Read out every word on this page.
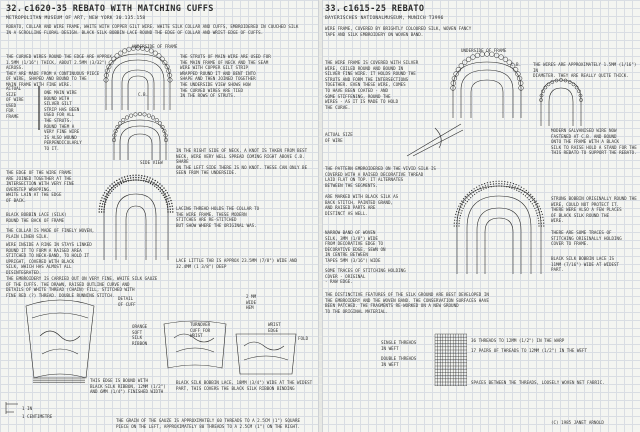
32. c1620-35 REBATO WITH MATCHING CUFFS
METROPOLITAN MUSEUM OF ART, NEW YORK 30.135.158
ROBATO, COLLAR AND WIRE FRAME, WHITE WITH COPPER GILT WIRE. WHITE SILK COLLAR AND CUFFS, EMBROIDERED IN COUCHED SILK
IN A SCROLLING FLORAL DESIGN. BLACK SILK BOBBIN LACE ROUND THE EDGE OF COLLAR AND WRIST EDGE OF CUFFS.
UNDERSIDE OF FRAME
THE CURVED WIRES ROUND THE EDGE ARE APPROX
1.5MM (1/16") THICK, ABOUT 2.5MM (3/32") ACROSS.
THEY ARE MADE FROM A CONTINUOUS PIECE
OF WIRE, SHAPED AND BOUND TO THE
MAIN FRAME WITH FINE WIRE.
ACTUAL
SIZE
OF WIRE
USED
FOR
FRAME
ONE MAIN WIRE
BOUND WITH
SILVER GILT
STRIP HAS BEEN
USED FOR ALL
THE STRUTS.
ROUND THEM A
VERY FINE WIRE
IS ALSO WOUND
PERPENDICULARLY
TO IT.
C.B.
THE STRUTS OF MAIN WIRE ARE USED FOR
THE MAIN FRAME OF NECK AND THE SEAM
WIRE WITH COPPER GILT STRIP
WRAPPED ROUND IT AND BENT INTO
SHAPE AND THEN JOINED TOGETHER
THE UNDERSIDE VIEW SHOWS HOW
THE CURVED WIRES ARE TIED
IN THE ROWS OF STRUTS.
SIDE VIEW
IN THE RIGHT SIDE OF NECK, A KNOT IS TAKEN FROM BEST
NECK, WIRE VERY WELL SPREAD COMING RIGHT ABOVE C.B. SHARE
ON THE LEFT SIDE THERE IS NO KNOT. THESE CAN ONLY BE
SEEN FROM THE UNDERSIDE.
THE EDGE OF THE WIRE FRAME
ARE JOINED TOGETHER AT THE
INTERSECTION WITH VERY FINE
OVERSTEP WRAPPING.
WHITE LAIN AT THE EDGE
OF BACK.
BLACK BOBBIN LACE (SILK)
ROUND THE BACK OF FRAME
THE COLLAR IS MADE OF FINELY WOVEN,
PLAIN LINEN SILK.
LACING THREAD HOLDS THE COLLAR TO
THE WIRE FRAME. THESE MODERN
STITCHES ARE RE-STITCHED
BUT SHOW WHERE THE ORIGINAL WAS.
WIRE INSIDE A RING IN STAYS LINKED
ROUND IT TO FORM A RAISED AREA
STITCHED TO NECK-BAND, TO HOLD IT
UPRIGHT, COVERED WITH BLACK
SILK, WHICH HAS ALMOST ALL
DISINTEGRATED.
THE EMBROIDERY IS CARRIED OUT ON VERY FINE, WHITE SILK GAUZE
OF THE CUFFS. THE DRAWN, RAISED OUTLINE CURVE AND
DETAILS OF WHITE THREAD (CHAIN) FILL, STITCHED WITH
FINE RED (?) THREAD. DOUBLE RUNNING STITCH.
LACE LITTLE TAB IS APPROX 23.5MM (7/8") WIDE AND
32.4MM (1 3/8") DEEP
DETAIL
OF CUFF
ORANGE
SOFT
SILK
RIBBON
TURNOVER
CUFF FOR
WRIST
WRIST
EDGE
2 MM
WIDE
HEM
FOLD
THIS EDGE IS BOUND WITH
BLACK SILK RIBBON, 12MM (1/2")
AND 6MM (1/4") FINISHED WIDTH
BLACK SILK BOBBIN LACE, 18MM (3/4") WIDE AT THE WIDEST
PART, THIS COVERS THE BLACK SILK RIBBON BINDING
THE GRAIN OF THE GAUZE IS APPROXIMATELY 60 THREADS TO A 2.5CM (1") SQUARE
PIECE ON THE LEFT, APPROXIMATELY 80 THREADS TO A 2.5CM (1") ON THE RIGHT.
1 IN
1 CENTIMETRE
33. c1615-25 REBATO
BAYERISCHES NATIONALMUSEUM, MUNICH T3996
WIRE FRAME, COVERED BY BRIGHTLY COLOURED SILK, WOVEN FANCY
TAPE AND SILK EMBROIDERY ON WOVEN BAND.
UNDERSIDE OF FRAME
THE WIRE FRAME IS COVERED WITH SILVER
WIRE, COILED ROUND AND BOUND IN
SILVER FINE WIRE. IT HOLDS ROUND THE
STRUTS AND FORM THE INTERSECTIONS
TOGETHER. EVEN THESE WIRE, COMES
TO HAVE BEEN COATED - AND
SOME STIFFENING, ROUND THE
WIRES - AS IT IS MADE TO HOLD
THE CURVE.
C.B.	THE WIRES ARE APPROXIMATELY 1.5MM (1/16") IN
DIAMETER. THEY ARE REALLY QUITE THICK.
ACTUAL SIZE
OF WIRE
MODERN GALVANISED WIRE NOW
FASTENED AT C.B. AND BOUND
ONTO THE FRAME WITH A BLACK
SILK TO RAISE HOLD A STAND FOR THE
THIS REBATO TO SUPPORT THE REBATO.
THE PATTERN EMBROIDERED ON THE VIVID SILK IS
COVERED WITH A RAISED DECORATIVE THREAD
LAID FLAT ON TOP. IT ALTERNATES
BETWEEN THE SEGMENTS.
ARE MARKED WITH BLACK SILK AS
BACK STITCH, PAINTED GRAND,
AND RAISED PARTS ARE
DISTINCT AS WELL.
STRUNG BOBBIN ORIGINALLY ROUND THE
WIRE, COULD NOT PROTECT IT.
THERE WERE ALSO A FEW PLACES
OF BLACK SILK ROUND THE
WIRE.
THERE ARE SOME TRACES OF
STITCHING ORIGINALLY HOLDING
COVER TO FRAME.
NARROW BAND OF WOVEN
SILK, 3MM (1/8") WIDE
FROM DECORATIVE EDGE TO
DECORATIVE EDGE, SEWN ON
IN CENTRE BETWEEN
TAPES 5MM (3/16") WIDE	BLACK SILK BOBBIN LACE IS
11MM (7/16") WIDE AT WIDEST
PART.
SOME TRACES OF STITCHING HOLDING
COVER - ORIGINAL
- RAW EDGE.
THE DISTINCTIVE FEATURES OF THE SILK GROUND ARE BEST DEVELOPED IN
THE EMBROIDERY AND THE WOVEN BAND. THE CONSERVATION SURFACES HAVE
BEEN PATCHED. THE FRAGMENTS RE-WORKED ON A NEW GROUND
TO THE ORIGINAL MATERIAL.
SINGLE THREADS
IN WEFT
DOUBLE THREADS
IN WEFT
36 THREADS TO 12MM (1/2") IN THE WARP
17 PAIRS OF THREADS TO 12MM (1/2") IN THE WEFT
SPACES BETWEEN THE THREADS, LOOSELY WOVEN NET FABRIC.
(C) 1985 JANET ARNOLD
